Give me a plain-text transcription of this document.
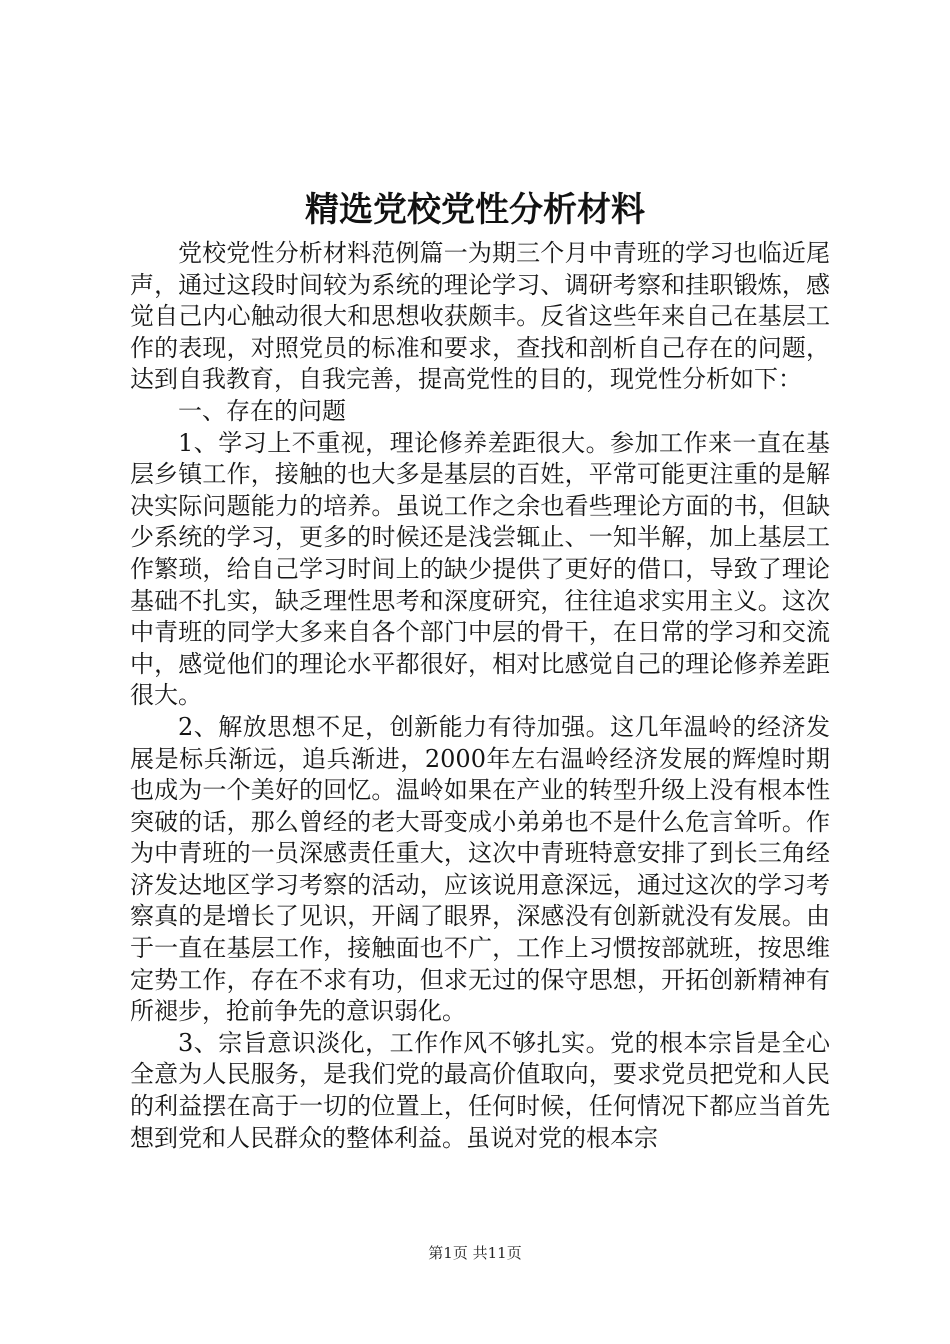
精选党校党性分析材料

党校党性分析材料范例篇一为期三个月中青班的学习也临近尾声，通过这段时间较为系统的理论学习、调研考察和挂职锻炼，感觉自己内心触动很大和思想收获颇丰。反省这些年来自己在基层工作的表现，对照党员的标准和要求，查找和剖析自己存在的问题，达到自我教育，自我完善，提高党性的目的，现党性分析如下：

一、存在的问题

1、学习上不重视，理论修养差距很大。参加工作来一直在基层乡镇工作，接触的也大多是基层的百姓，平常可能更注重的是解决实际问题能力的培养。虽说工作之余也看些理论方面的书，但缺少系统的学习，更多的时候还是浅尝辄止、一知半解，加上基层工作繁琐，给自己学习时间上的缺少提供了更好的借口，导致了理论基础不扎实，缺乏理性思考和深度研究，往往追求实用主义。这次中青班的同学大多来自各个部门中层的骨干，在日常的学习和交流中，感觉他们的理论水平都很好，相对比感觉自己的理论修养差距很大。

2、解放思想不足，创新能力有待加强。这几年温岭的经济发展是标兵渐远，追兵渐进，2000年左右温岭经济发展的辉煌时期也成为一个美好的回忆。温岭如果在产业的转型升级上没有根本性突破的话，那么曾经的老大哥变成小弟弟也不是什么危言耸听。作为中青班的一员深感责任重大，这次中青班特意安排了到长三角经济发达地区学习考察的活动，应该说用意深远，通过这次的学习考察真的是增长了见识，开阔了眼界，深感没有创新就没有发展。由于一直在基层工作，接触面也不广，工作上习惯按部就班，按思维定势工作，存在不求有功，但求无过的保守思想，开拓创新精神有所褪步，抢前争先的意识弱化。

3、宗旨意识淡化，工作作风不够扎实。党的根本宗旨是全心全意为人民服务，是我们党的最高价值取向，要求党员把党和人民的利益摆在高于一切的位置上，任何时候，任何情况下都应当首先想到党和人民群众的整体利益。虽说对党的根本宗

第1页 共11页
